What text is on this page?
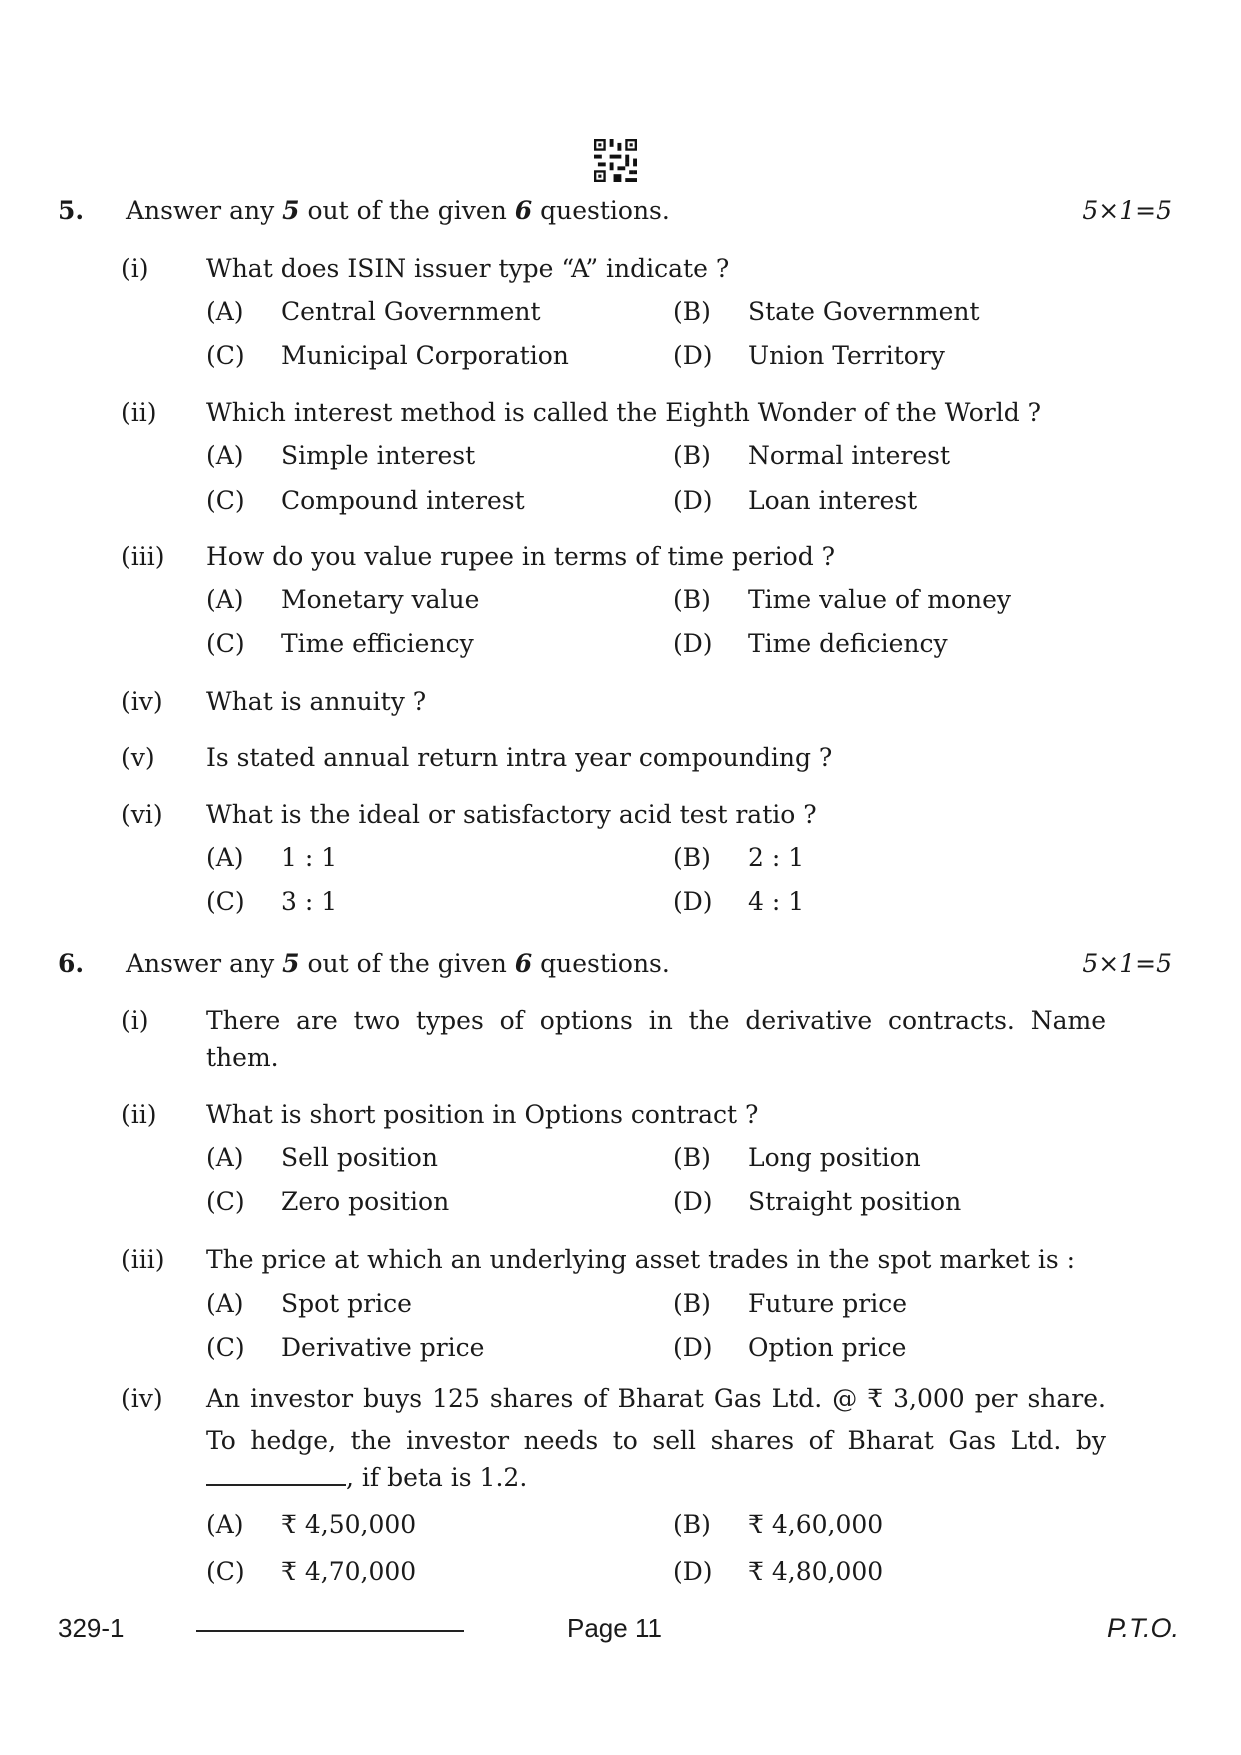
5. Answer any 5 out of the given 6 questions.	5×1=5
(i) What does ISIN issuer type “A” indicate ?
(A) Central Government	(B) State Government
(C) Municipal Corporation	(D) Union Territory
(ii) Which interest method is called the Eighth Wonder of the World ?
(A) Simple interest	(B) Normal interest
(C) Compound interest	(D) Loan interest
(iii) How do you value rupee in terms of time period ?
(A) Monetary value	(B) Time value of money
(C) Time efficiency	(D) Time deficiency
(iv) What is annuity ?
(v) Is stated annual return intra year compounding ?
(vi) What is the ideal or satisfactory acid test ratio ?
(A) 1 : 1	(B) 2 : 1
(C) 3 : 1	(D) 4 : 1
6. Answer any 5 out of the given 6 questions.	5×1=5
(i) There are two types of options in the derivative contracts. Name
them.
(ii) What is short position in Options contract ?
(A) Sell position	(B) Long position
(C) Zero position	(D) Straight position
(iii) The price at which an underlying asset trades in the spot market is :
(A) Spot price	(B) Future price
(C) Derivative price	(D) Option price
(iv) An investor buys 125 shares of Bharat Gas Ltd. @ ₹ 3,000 per share.
To hedge, the investor needs to sell shares of Bharat Gas Ltd. by
, if beta is 1.2.
(A) ₹ 4,50,000	(B) ₹ 4,60,000
(C) ₹ 4,70,000	(D) ₹ 4,80,000
329-1	Page 11	P.T.O.
